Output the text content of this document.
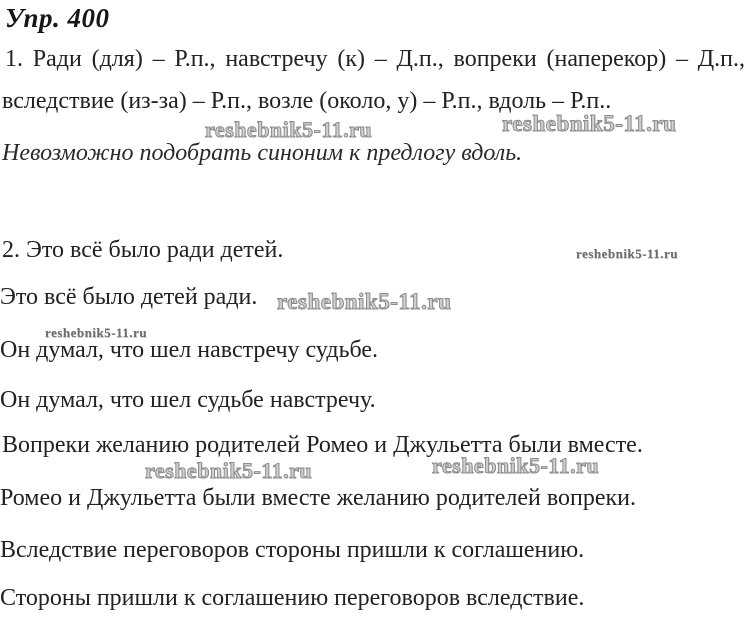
Упр. 400
1. Ради (для) – Р.п., навстречу (к) – Д.п., вопреки (наперекор) – Д.п.,
вследствие (из-за) – Р.п., возле (около, у) – Р.п., вдоль – Р.п..
reshebnik5-11.ru	reshebnik5-11.ru
Невозможно подобрать синоним к предлогу вдоль.
2. Это всё было ради детей.	reshebnik5-11.ru
Это всё было детей ради. reshebnik5-11.ru
reshebnik5-11.ru
Он думал, что шел навстречу судьбе.
Он думал, что шел судьбе навстречу.
Вопреки желанию родителей Ромео и Джульетта были вместе.
reshebnik5-11.ru	reshebnik5-11.ru
Ромео и Джульетта были вместе желанию родителей вопреки.
Вследствие переговоров стороны пришли к соглашению.
Стороны пришли к соглашению переговоров вследствие.
